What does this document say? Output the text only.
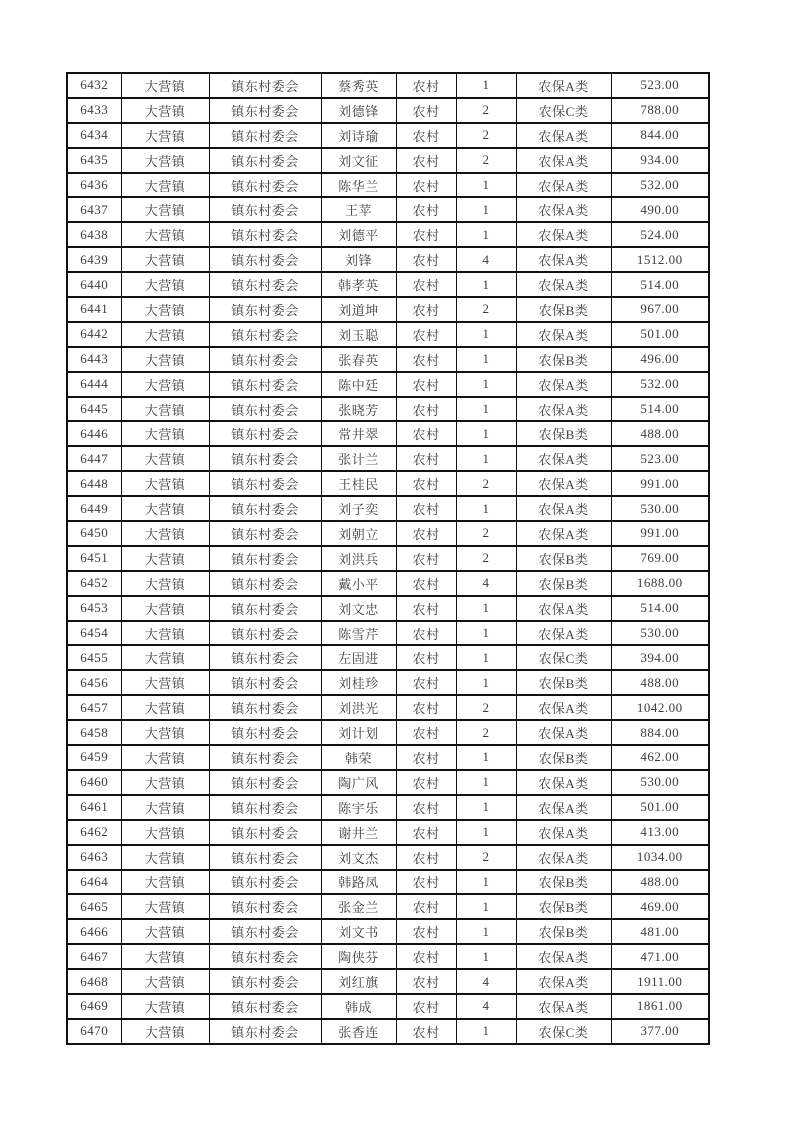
6432	大营镇	镇东村委会	蔡秀英	农村	1	农保A类	523.00
6433	大营镇	镇东村委会	刘德锋	农村	2	农保C类	788.00
6434	大营镇	镇东村委会	刘诗瑜	农村	2	农保A类	844.00
6435	大营镇	镇东村委会	刘文征	农村	2	农保A类	934.00
6436	大营镇	镇东村委会	陈华兰	农村	1	农保A类	532.00
6437	大营镇	镇东村委会	王苹	农村	1	农保A类	490.00
6438	大营镇	镇东村委会	刘德平	农村	1	农保A类	524.00
6439	大营镇	镇东村委会	刘锋	农村	4	农保A类	1512.00
6440	大营镇	镇东村委会	韩孝英	农村	1	农保A类	514.00
6441	大营镇	镇东村委会	刘道坤	农村	2	农保B类	967.00
6442	大营镇	镇东村委会	刘玉聪	农村	1	农保A类	501.00
6443	大营镇	镇东村委会	张春英	农村	1	农保B类	496.00
6444	大营镇	镇东村委会	陈中廷	农村	1	农保A类	532.00
6445	大营镇	镇东村委会	张晓芳	农村	1	农保A类	514.00
6446	大营镇	镇东村委会	常井翠	农村	1	农保B类	488.00
6447	大营镇	镇东村委会	张计兰	农村	1	农保A类	523.00
6448	大营镇	镇东村委会	王桂民	农村	2	农保A类	991.00
6449	大营镇	镇东村委会	刘子奕	农村	1	农保A类	530.00
6450	大营镇	镇东村委会	刘朝立	农村	2	农保A类	991.00
6451	大营镇	镇东村委会	刘洪兵	农村	2	农保B类	769.00
6452	大营镇	镇东村委会	戴小平	农村	4	农保B类	1688.00
6453	大营镇	镇东村委会	刘文忠	农村	1	农保A类	514.00
6454	大营镇	镇东村委会	陈雪芹	农村	1	农保A类	530.00
6455	大营镇	镇东村委会	左固进	农村	1	农保C类	394.00
6456	大营镇	镇东村委会	刘桂珍	农村	1	农保B类	488.00
6457	大营镇	镇东村委会	刘洪光	农村	2	农保A类	1042.00
6458	大营镇	镇东村委会	刘计划	农村	2	农保A类	884.00
6459	大营镇	镇东村委会	韩荣	农村	1	农保B类	462.00
6460	大营镇	镇东村委会	陶广风	农村	1	农保A类	530.00
6461	大营镇	镇东村委会	陈宇乐	农村	1	农保A类	501.00
6462	大营镇	镇东村委会	谢井兰	农村	1	农保A类	413.00
6463	大营镇	镇东村委会	刘文杰	农村	2	农保A类	1034.00
6464	大营镇	镇东村委会	韩路凤	农村	1	农保B类	488.00
6465	大营镇	镇东村委会	张金兰	农村	1	农保B类	469.00
6466	大营镇	镇东村委会	刘文书	农村	1	农保B类	481.00
6467	大营镇	镇东村委会	陶侠芬	农村	1	农保A类	471.00
6468	大营镇	镇东村委会	刘红旗	农村	4	农保A类	1911.00
6469	大营镇	镇东村委会	韩成	农村	4	农保A类	1861.00
6470	大营镇	镇东村委会	张香连	农村	1	农保C类	377.00
